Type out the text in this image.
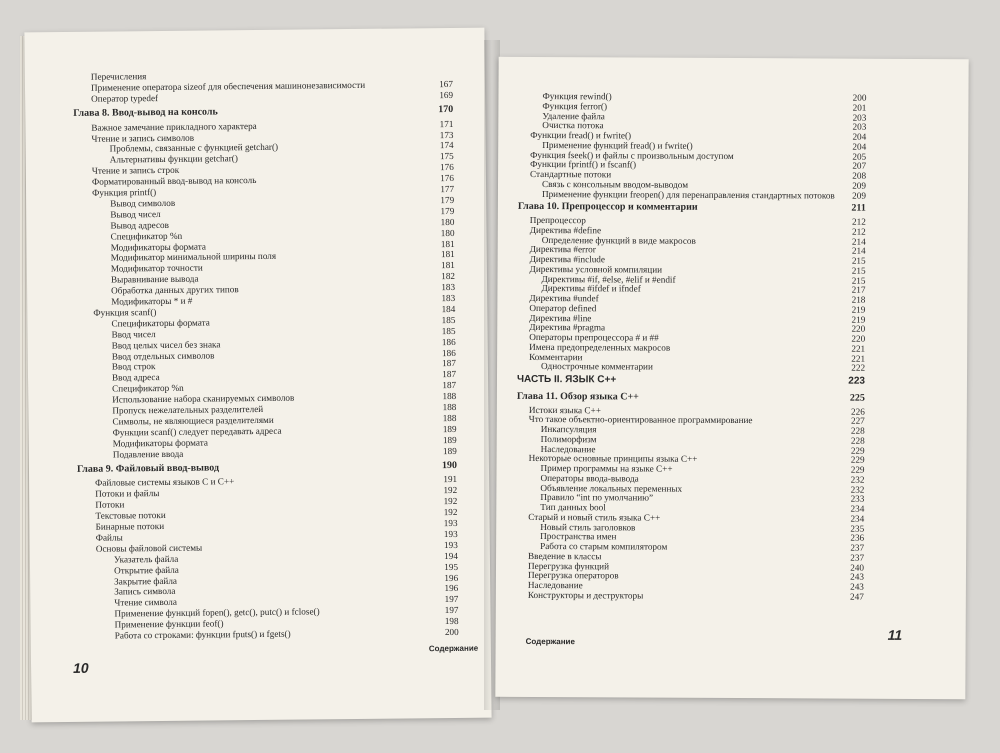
Перечисления
Применение оператора sizeof для обеспечения машинонезависимости	167
Оператор typedef	169
Глава 8. Ввод-вывод на консоль	170
Важное замечание прикладного характера	171
Чтение и запись символов	173
Проблемы, связанные с функцией getchar()	174
Альтернативы функции getchar()	175
Чтение и запись строк	176
Форматированный ввод-вывод на консоль	176
Функция printf()	177
Вывод символов	179
Вывод чисел	179
Вывод адресов	180
Спецификатор %n	180
Модификаторы формата	181
Модификатор минимальной ширины поля	181
Модификатор точности	181
Выравнивание вывода	182
Обработка данных других типов	183
Модификаторы * и #	183
Функция scanf()	184
Спецификаторы формата	185
Ввод чисел	185
Ввод целых чисел без знака	186
Ввод отдельных символов	186
Ввод строк	187
Ввод адреса	187
Спецификатор %n	187
Использование набора сканируемых символов	188
Пропуск нежелательных разделителей	188
Символы, не являющиеся разделителями	188
Функции scanf() следует передавать адреса	189
Модификаторы формата	189
Подавление ввода	189
Глава 9. Файловый ввод-вывод	190
Файловые системы языков C и C++	191
Потоки и файлы	192
Потоки	192
Текстовые потоки	192
Бинарные потоки	193
Файлы	193
Основы файловой системы	193
Указатель файла	194
Открытие файла	195
Закрытие файла	196
Запись символа	196
Чтение символа	197
Применение функций fopen(), getc(), putc() и fclose()	197
Применение функции feof()	198
Работа со строками: функции fputs() и fgets()	200
10
Содержание
Функция rewind()	200
Функция ferror()	201
Удаление файла	203
Очистка потока	203
Функции fread() и fwrite()	204
Применение функций fread() и fwrite()	204
Функция fseek() и файлы с произвольным доступом	205
Функции fprintf() и fscanf()	207
Стандартные потоки	208
Связь с консольным вводом-выводом	209
Применение функции freopen() для перенаправления стандартных потоков	209
Глава 10. Препроцессор и комментарии	211
Препроцессор	212
Директива #define	212
Определение функций в виде макросов	214
Директива #error	214
Директива #include	215
Директивы условной компиляции	215
Директивы #if, #else, #elif и #endif	215
Директивы #ifdef и ifndef	217
Директива #undef	218
Оператор defined	219
Директива #line	219
Директива #pragma	220
Операторы препроцессора # и ##	220
Имена предопределенных макросов	221
Комментарии	221
Однострочные комментарии	222
ЧАСТЬ II. ЯЗЫК C++	223
Глава 11. Обзор языка C++	225
Истоки языка C++	226
Что такое объектно-ориентированное программирование	227
Инкапсуляция	228
Полиморфизм	228
Наследование	229
Некоторые основные принципы языка C++	229
Пример программы на языке C++	229
Операторы ввода-вывода	232
Объявление локальных переменных	232
Правило “int по умолчанию”	233
Тип данных bool	234
Старый и новый стиль языка C++	234
Новый стиль заголовков	235
Пространства имен	236
Работа со старым компилятором	237
Введение в классы	237
Перегрузка функций	240
Перегрузка операторов	243
Наследование	243
Конструкторы и деструкторы	247
Содержание	11
